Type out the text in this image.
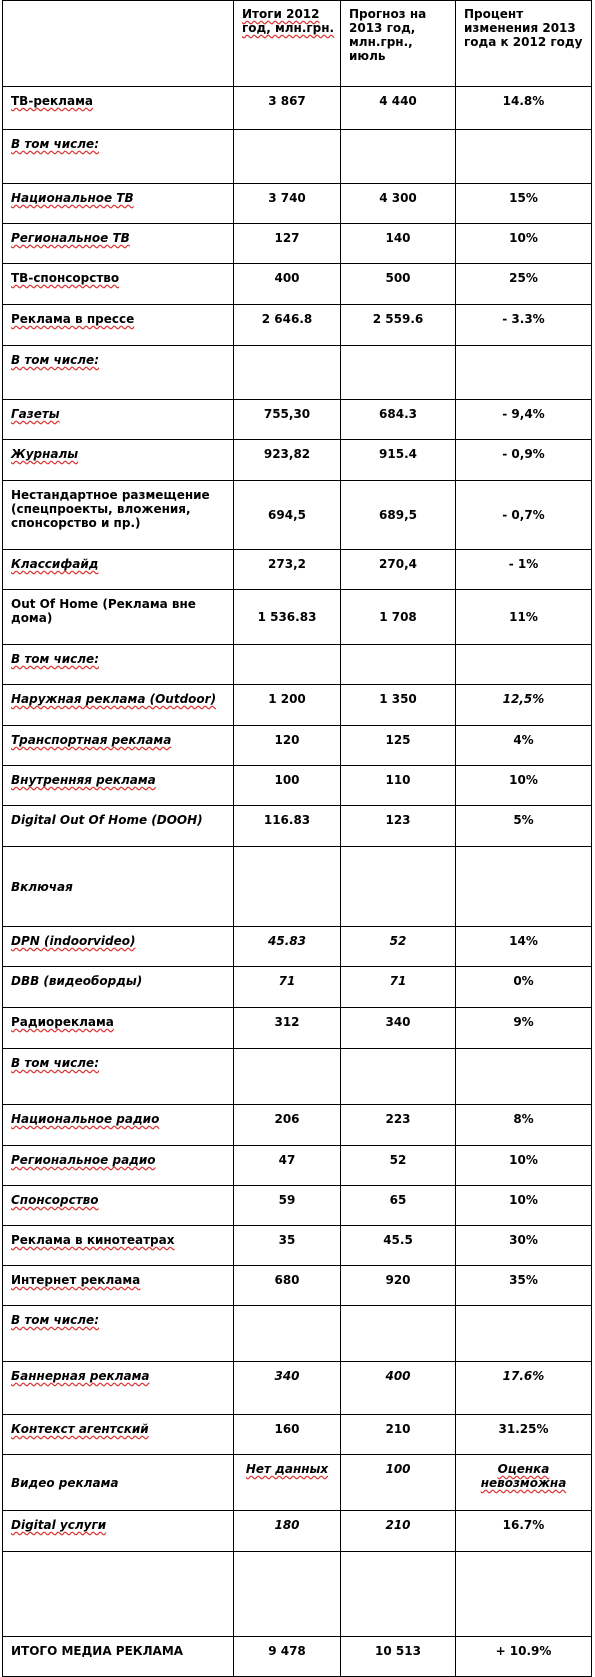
	Итоги 2012 год, млн.грн.	Прогноз на 2013 год, млн.грн., июль	Процент изменения 2013 года к 2012 году
ТВ-реклама	3 867	4 440	14.8%
В том числе:			
Национальное ТВ	3 740	4 300	15%
Региональное ТВ	127	140	10%
ТВ-спонсорство	400	500	25%
Реклама в прессе	2 646.8	2 559.6	- 3.3%
В том числе:			
Газеты	755,30	684.3	- 9,4%
Журналы	923,82	915.4	- 0,9%
Нестандартное размещение (спецпроекты, вложения, спонсорство и пр.)	694,5	689,5	- 0,7%
Классифайд	273,2	270,4	- 1%
Out Of Home (Реклама вне дома)	1 536.83	1 708	11%
В том числе:			
Наружная реклама (Outdoor)	1 200	1 350	12,5%
Транспортная реклама	120	125	4%
Внутренняя реклама	100	110	10%
Digital Out Of Home (DOOH)	116.83	123	5%
Включая			
DPN (indoorvideo)	45.83	52	14%
DBB (видеоборды)	71	71	0%
Радиореклама	312	340	9%
В том числе:			
Национальное радио	206	223	8%
Региональное радио	47	52	10%
Спонсорство	59	65	10%
Реклама в кинотеатрах	35	45.5	30%
Интернет реклама	680	920	35%
В том числе:			
Баннерная реклама	340	400	17.6%
Контекст агентский	160	210	31.25%
Видео реклама	Нет данных	100	Оценка невозможна
Digital услуги	180	210	16.7%

ИТОГО МЕДИА РЕКЛАМА	9 478	10 513	+ 10.9%
